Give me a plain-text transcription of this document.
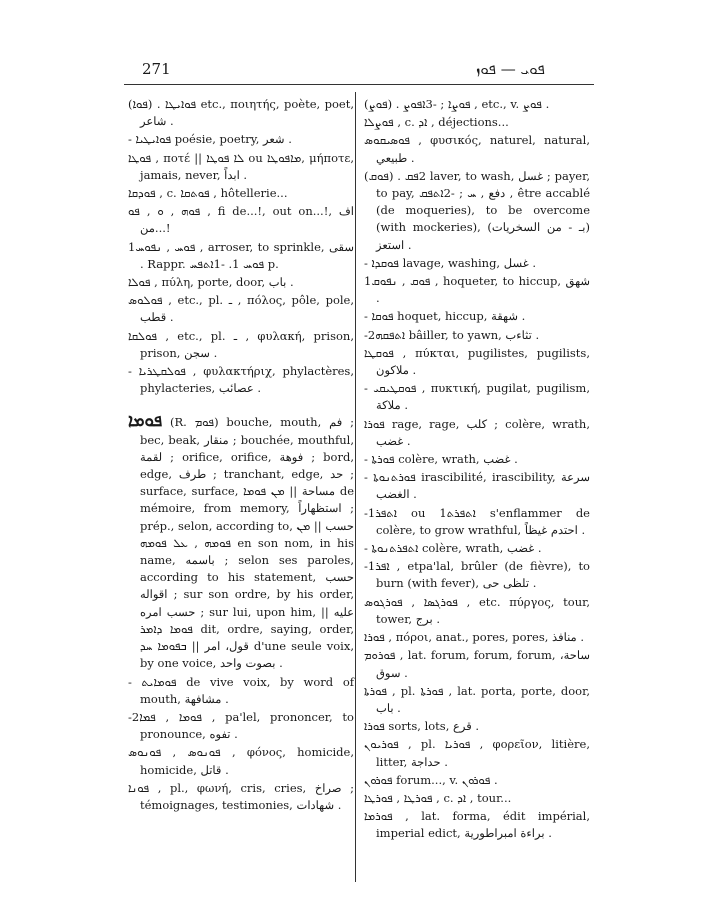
271	ܦܘܝ — ܦܘܙ
(ܦܘܐ) . ܦܘܐܝܛܐ etc., ποιητής, poète, poet, شاعر .
- ܦܘܐܝܛܝܐ poésie, poetry, شعر .
ܦܘܛܐ , ποτέ || ܠܐ ܦܘܛܐ ou ܡܐܦܘܛܐ, μήποτε, jamais, never, ابداً .
ܦܘܕܩܐ , c. ܦܘܬܩܐ , hôtellerie...
ܦܘܗ , ܘ , ܦܘ , fi de...!, out on...!, اف من...!
1ܦܘܚ , ܢܦܘܚ , arroser, to sprinkle, سقى . Rappr. ܦܘܚ 1. -1ܐܬܦܚ p.
ܦܘܠܐ , πύλη, porte, door, باب .
ܦܘܠܘܣ , etc., pl. ـ , πόλος, pôle, pole, قطب .
ܦܘܠܩܐ , etc., pl. ـ , φυλακή, prison, prison, سجن .
- ܦܘܠܩܛܪܝܐ , φυλακτήριχ, phylactères, phylacteries, عصائب .
ܦܘܡܐ (R. ܦܘܡ) bouche, mouth, فم ; bec, beak, منقار ; bouchée, mouthful, لقمة ; orifice, orifice, فوهة ; bord, edge, طرف ; tranchant, edge, حد ; surface, surface, مساحة || ܡܢ ܦܘܡܐ de mémoire, from memory, استظهاراً ; prép., selon, according to, حسب || ܡܢ ܦܘܡܗ , ܥܠ ܦܘܡܗ en son nom, in his name, باسمه ; selon ses paroles, according to his statement, حسب اقواله ; sur son ordre, by his order, حسب امره ; sur lui, upon him, عليه || ܦܘܡܐ ܕܐܡܪ dit, ordre, saying, order, قول، امر || ܒܦܘܡܐ ܚܕ d'une seule voix, by one voice, بصوت واحد .
- ܦܘܡܐܝܬ de vive voix, by word of mouth, مشافهة .
-2ܦܘܡܐ , ܦܡܐ , pa'lel, prononcer, to pronounce, تفوه .
ܦܘܢܘܣ , ܦܘܢܘܣ , φόνος, homicide, homicide, قاتل .
ܦܘܢܐ , pl., φωνή, cris, cries, صراخ ; témoignages, testimonies, شهادات .
(ܦܘܨ) . ܦܘܨܐ ; -3ܐܦܘܨ , etc., v. ܦܘܨ .
ܦܘܨܠܐ , c. ܐܕ , déjections...
ܦܘܣܝܩܘܣ , φυσικός, naturel, natural, طبيعي .
(ܦܘܩ) . 2ܦܩ laver, to wash, غسل ; payer, to pay, دفع , ܚ ; -2ܐܬܦܩ , être accablé (de moqueries), to be overcome (with mockeries), (بـ - من السخريات) استعز .
- ܦܘܩܕܐ lavage, washing, غسل .
1ܦܘܩ , ܢܦܘܩ , hoqueter, to hiccup, شهق .
- ܦܘܩܐ hoquet, hiccup, شهقة .
-2ܐܬܦܩܗ bâiller, to yawn, تثاءب .
ܦܘܩܛܐ , πύκται, pugilistes, pugilists, ملاكون .
- ܦܘܩܛܝܩܝ , πυκτική, pugilat, pugilism, ملاكة .
ܦܘܪܐ rage, rage, كلب ; colère, wrath, غضب .
- ܦܘܪܬܐ colère, wrath, غضب .
- ܦܘܪܬܢܘܬܐ irascibilité, irascibility, سرعة الغضب .
-1ܐܬܦܪ ou 1ܐܬܦܪܬ s'enflammer de colère, to grow wrathful, احتدم غيظاً .
- ܐܬܦܪܬܢܘܬܐ colère, wrath, غضب .
-1ܐܦܪ , etpa'lal, brûler (de fièvre), to burn (with fever), تلظى حى .
ܦܘܪܓܣܐ , ܦܘܪܓܘܣ , etc. πύργος, tour, tower, برج .
ܦܘܪܐ , πόροι, anat., pores, pores, منافذ .
ܦܘܪܘܡ , lat. forum, forum, forum, ساحة، سوق .
ܦܘܪܬܐ , pl. ܦܘܪܬܐ , lat. porta, porte, door, باب .
ܦܘܪܐ sorts, lots, قرع .
ܦܘܪܝܘܢ , pl. ܦܘܪܝܐ , φορεῖον, litière, litter, حداجة .
ܦܘܪܘܢ forum..., v. ܦܘܪܘܢ .
ܦܘܪܛܐ , ܦܘܪܛܐ , c. ܐܕ , tour...
ܦܘܪܡܐ , lat. forma, édit impérial, imperial edict, براءة امبراطورية .
